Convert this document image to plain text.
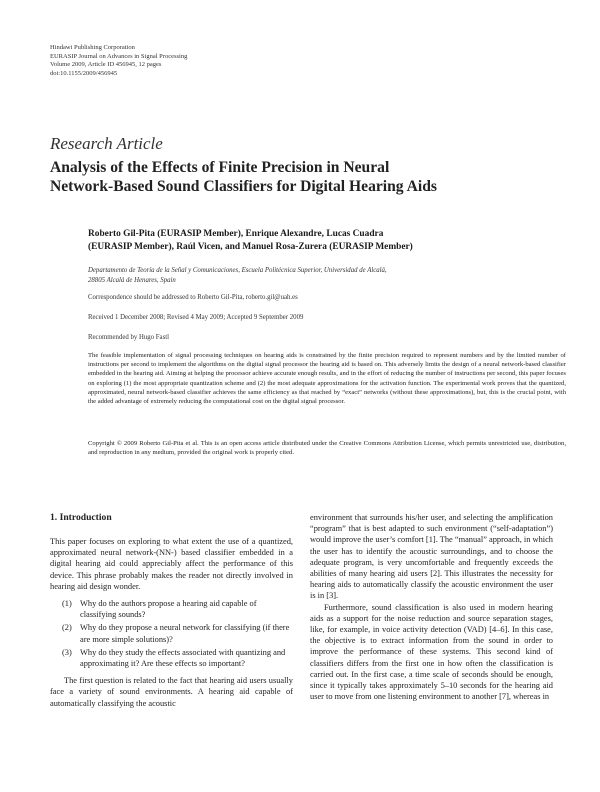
Hindawi Publishing Corporation
EURASIP Journal on Advances in Signal Processing
Volume 2009, Article ID 456945, 12 pages
doi:10.1155/2009/456945
Research Article
Analysis of the Effects of Finite Precision in Neural
Network-Based Sound Classifiers for Digital Hearing Aids
Roberto Gil-Pita (EURASIP Member), Enrique Alexandre, Lucas Cuadra
(EURASIP Member), Raúl Vicen, and Manuel Rosa-Zurera (EURASIP Member)
Departamento de Teoría de la Señal y Comunicaciones, Escuela Politécnica Superior, Universidad de Alcalá,
28805 Alcalá de Henares, Spain
Correspondence should be addressed to Roberto Gil-Pita, roberto.gil@uah.es
Received 1 December 2008; Revised 4 May 2009; Accepted 9 September 2009
Recommended by Hugo Fastl
The feasible implementation of signal processing techniques on hearing aids is constrained by the finite precision required to represent numbers and by the limited number of instructions per second to implement the algorithms on the digital signal processor the hearing aid is based on. This adversely limits the design of a neural network-based classifier embedded in the hearing aid. Aiming at helping the processor achieve accurate enough results, and in the effort of reducing the number of instructions per second, this paper focuses on exploring (1) the most appropriate quantization scheme and (2) the most adequate approximations for the activation function. The experimental work proves that the quantized, approximated, neural network-based classifier achieves the same efficiency as that reached by “exact” networks (without these approximations), but, this is the crucial point, with the added advantage of extremely reducing the computational cost on the digital signal processor.
Copyright © 2009 Roberto Gil-Pita et al. This is an open access article distributed under the Creative Commons Attribution License, which permits unrestricted use, distribution, and reproduction in any medium, provided the original work is properly cited.
1. Introduction

This paper focuses on exploring to what extent the use of a quantized, approximated neural network-(NN-) based classifier embedded in a digital hearing aid could appreciably affect the performance of this device. This phrase probably makes the reader not directly involved in hearing aid design wonder.

(1) Why do the authors propose a hearing aid capable of classifying sounds?
(2) Why do they propose a neural network for classifying (if there are more simple solutions)?
(3) Why do they study the effects associated with quantizing and approximating it? Are these effects so important?

The first question is related to the fact that hearing aid users usually face a variety of sound environments. A hearing aid capable of automatically classifying the acoustic

environment that surrounds his/her user, and selecting the amplification “program” that is best adapted to such environment (“self-adaptation”) would improve the user’s comfort [1]. The “manual” approach, in which the user has to identify the acoustic surroundings, and to choose the adequate program, is very uncomfortable and frequently exceeds the abilities of many hearing aid users [2]. This illustrates the necessity for hearing aids to automatically classify the acoustic environment the user is in [3].

Furthermore, sound classification is also used in modern hearing aids as a support for the noise reduction and source separation stages, like, for example, in voice activity detection (VAD) [4–6]. In this case, the objective is to extract information from the sound in order to improve the performance of these systems. This second kind of classifiers differs from the first one in how often the classification is carried out. In the first case, a time scale of seconds should be enough, since it typically takes approximately 5–10 seconds for the hearing aid user to move from one listening environment to another [7], whereas in
